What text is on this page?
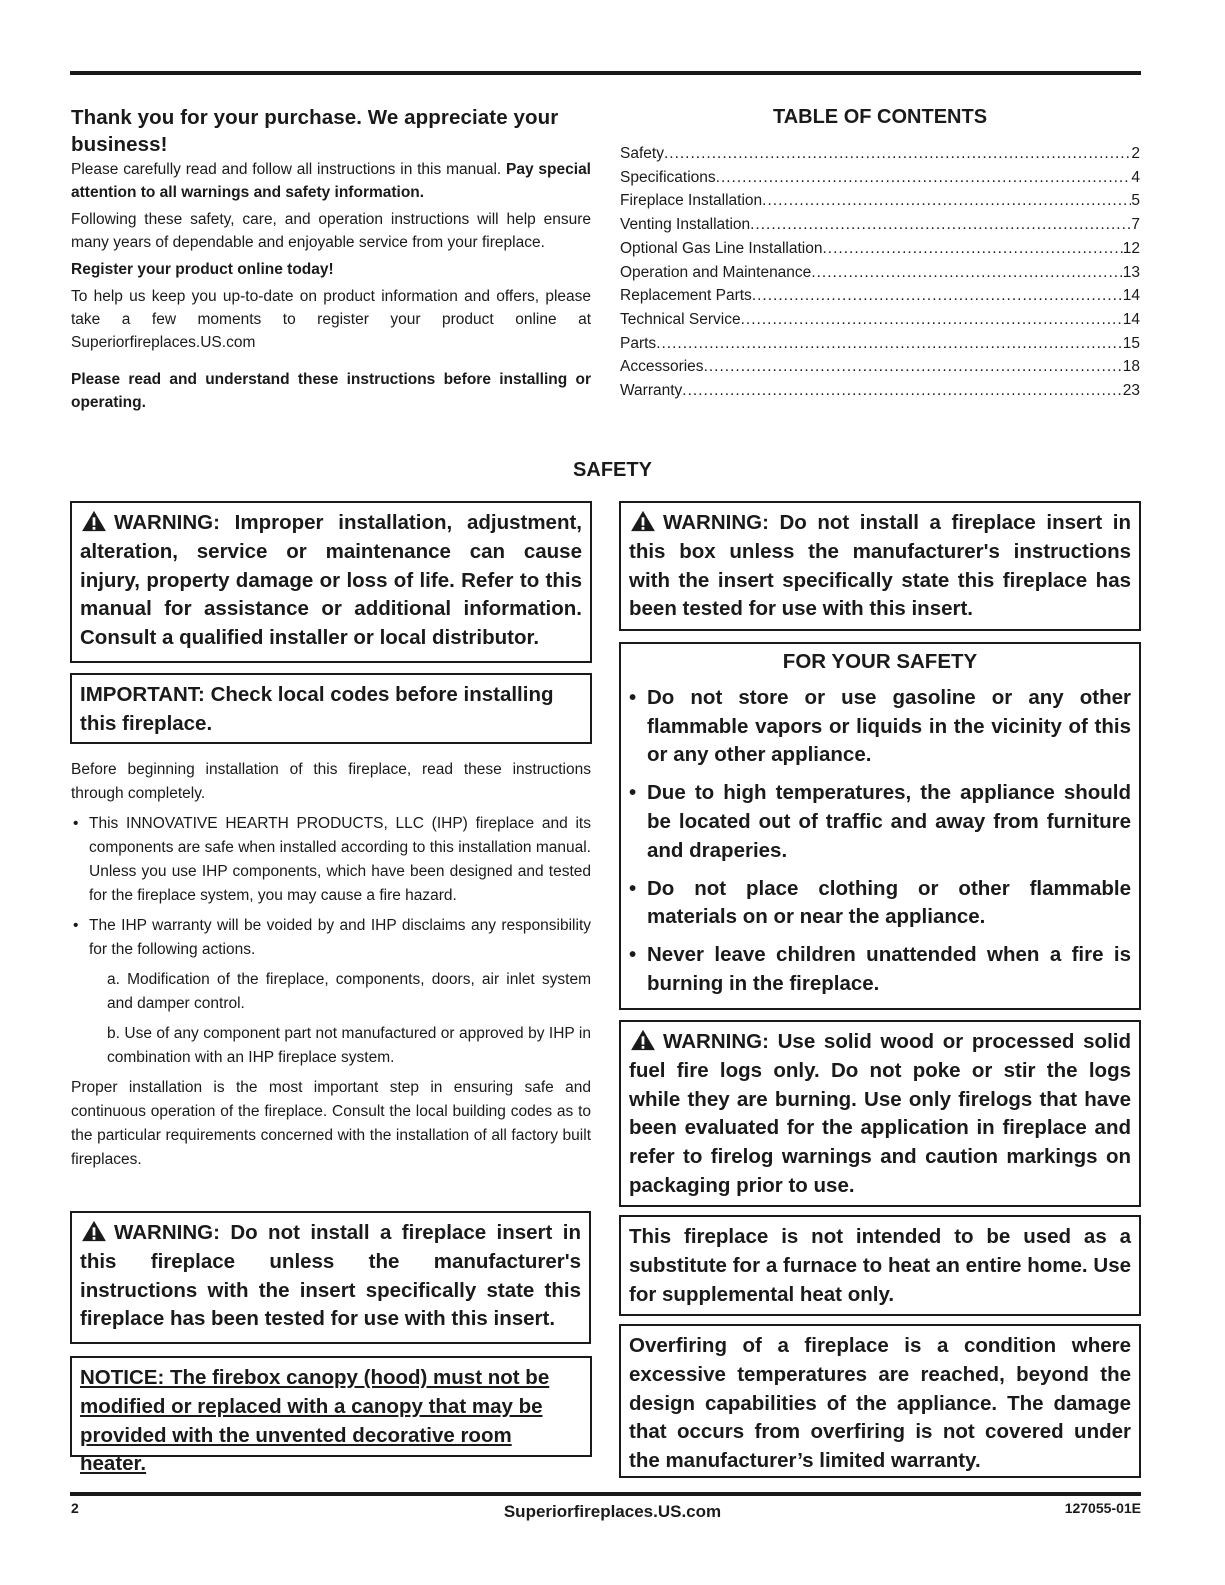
Thank you for your purchase. We appreciate your business!

Please carefully read and follow all instructions in this manual. Pay special attention to all warnings and safety information.

Following these safety, care, and operation instructions will help ensure many years of dependable and enjoyable service from your fireplace.

Register your product online today!

To help us keep you up-to-date on product information and offers, please take a few moments to register your product online at Superiorfireplaces.US.com

Please read and understand these instructions before installing or operating.

TABLE OF CONTENTS
Safety .....	2
Specifications .....	4
Fireplace Installation .....	5
Venting Installation .....	7
Optional Gas Line Installation .....	12
Operation and Maintenance .....	13
Replacement Parts .....	14
Technical Service .....	14
Parts .....	15
Accessories .....	18
Warranty .....	23
SAFETY
WARNING: Improper installation, adjustment, alteration, service or maintenance can cause injury, property damage or loss of life. Refer to this manual for assistance or additional information. Consult a qualified installer or local distributor.
IMPORTANT: Check local codes before installing this fireplace.

Before beginning installation of this fireplace, read these instructions through completely.

• This INNOVATIVE HEARTH PRODUCTS, LLC (IHP) fireplace and its components are safe when installed according to this installation manual. Unless you use IHP components, which have been designed and tested for the fireplace system, you may cause a fire hazard.
• The IHP warranty will be voided by and IHP disclaims any responsibility for the following actions.

a. Modification of the fireplace, components, doors, air inlet system and damper control.

b. Use of any component part not manufactured or approved by IHP in combination with an IHP fireplace system.

Proper installation is the most important step in ensuring safe and continuous operation of the fireplace. Consult the local building codes as to the particular requirements concerned with the installation of all factory built fireplaces.

WARNING: Do not install a fireplace insert in this fireplace unless the manufacturer's instructions with the insert specifically state this fireplace has been tested for use with this insert.
NOTICE: The firebox canopy (hood) must not be modified or replaced with a canopy that may be provided with the unvented decorative room heater.
WARNING: Do not install a fireplace insert in this box unless the manufacturer's instructions with the insert specifically state this fireplace has been tested for use with this insert.
FOR YOUR SAFETY
• Do not store or use gasoline or any other flammable vapors or liquids in the vicinity of this or any other appliance.
• Due to high temperatures, the appliance should be located out of traffic and away from furniture and draperies.
• Do not place clothing or other flammable materials on or near the appliance.
• Never leave children unattended when a fire is burning in the fireplace.
WARNING: Use solid wood or processed solid fuel fire logs only. Do not poke or stir the logs while they are burning. Use only firelogs that have been evaluated for the application in fireplace and refer to firelog warnings and caution markings on packaging prior to use.
This fireplace is not intended to be used as a substitute for a furnace to heat an entire home. Use for supplemental heat only.
Overfiring of a fireplace is a condition where excessive temperatures are reached, beyond the design capabilities of the appliance. The damage that occurs from overfiring is not covered under the manufacturer’s limited warranty.
2	Superiorfireplaces.US.com	127055-01E
